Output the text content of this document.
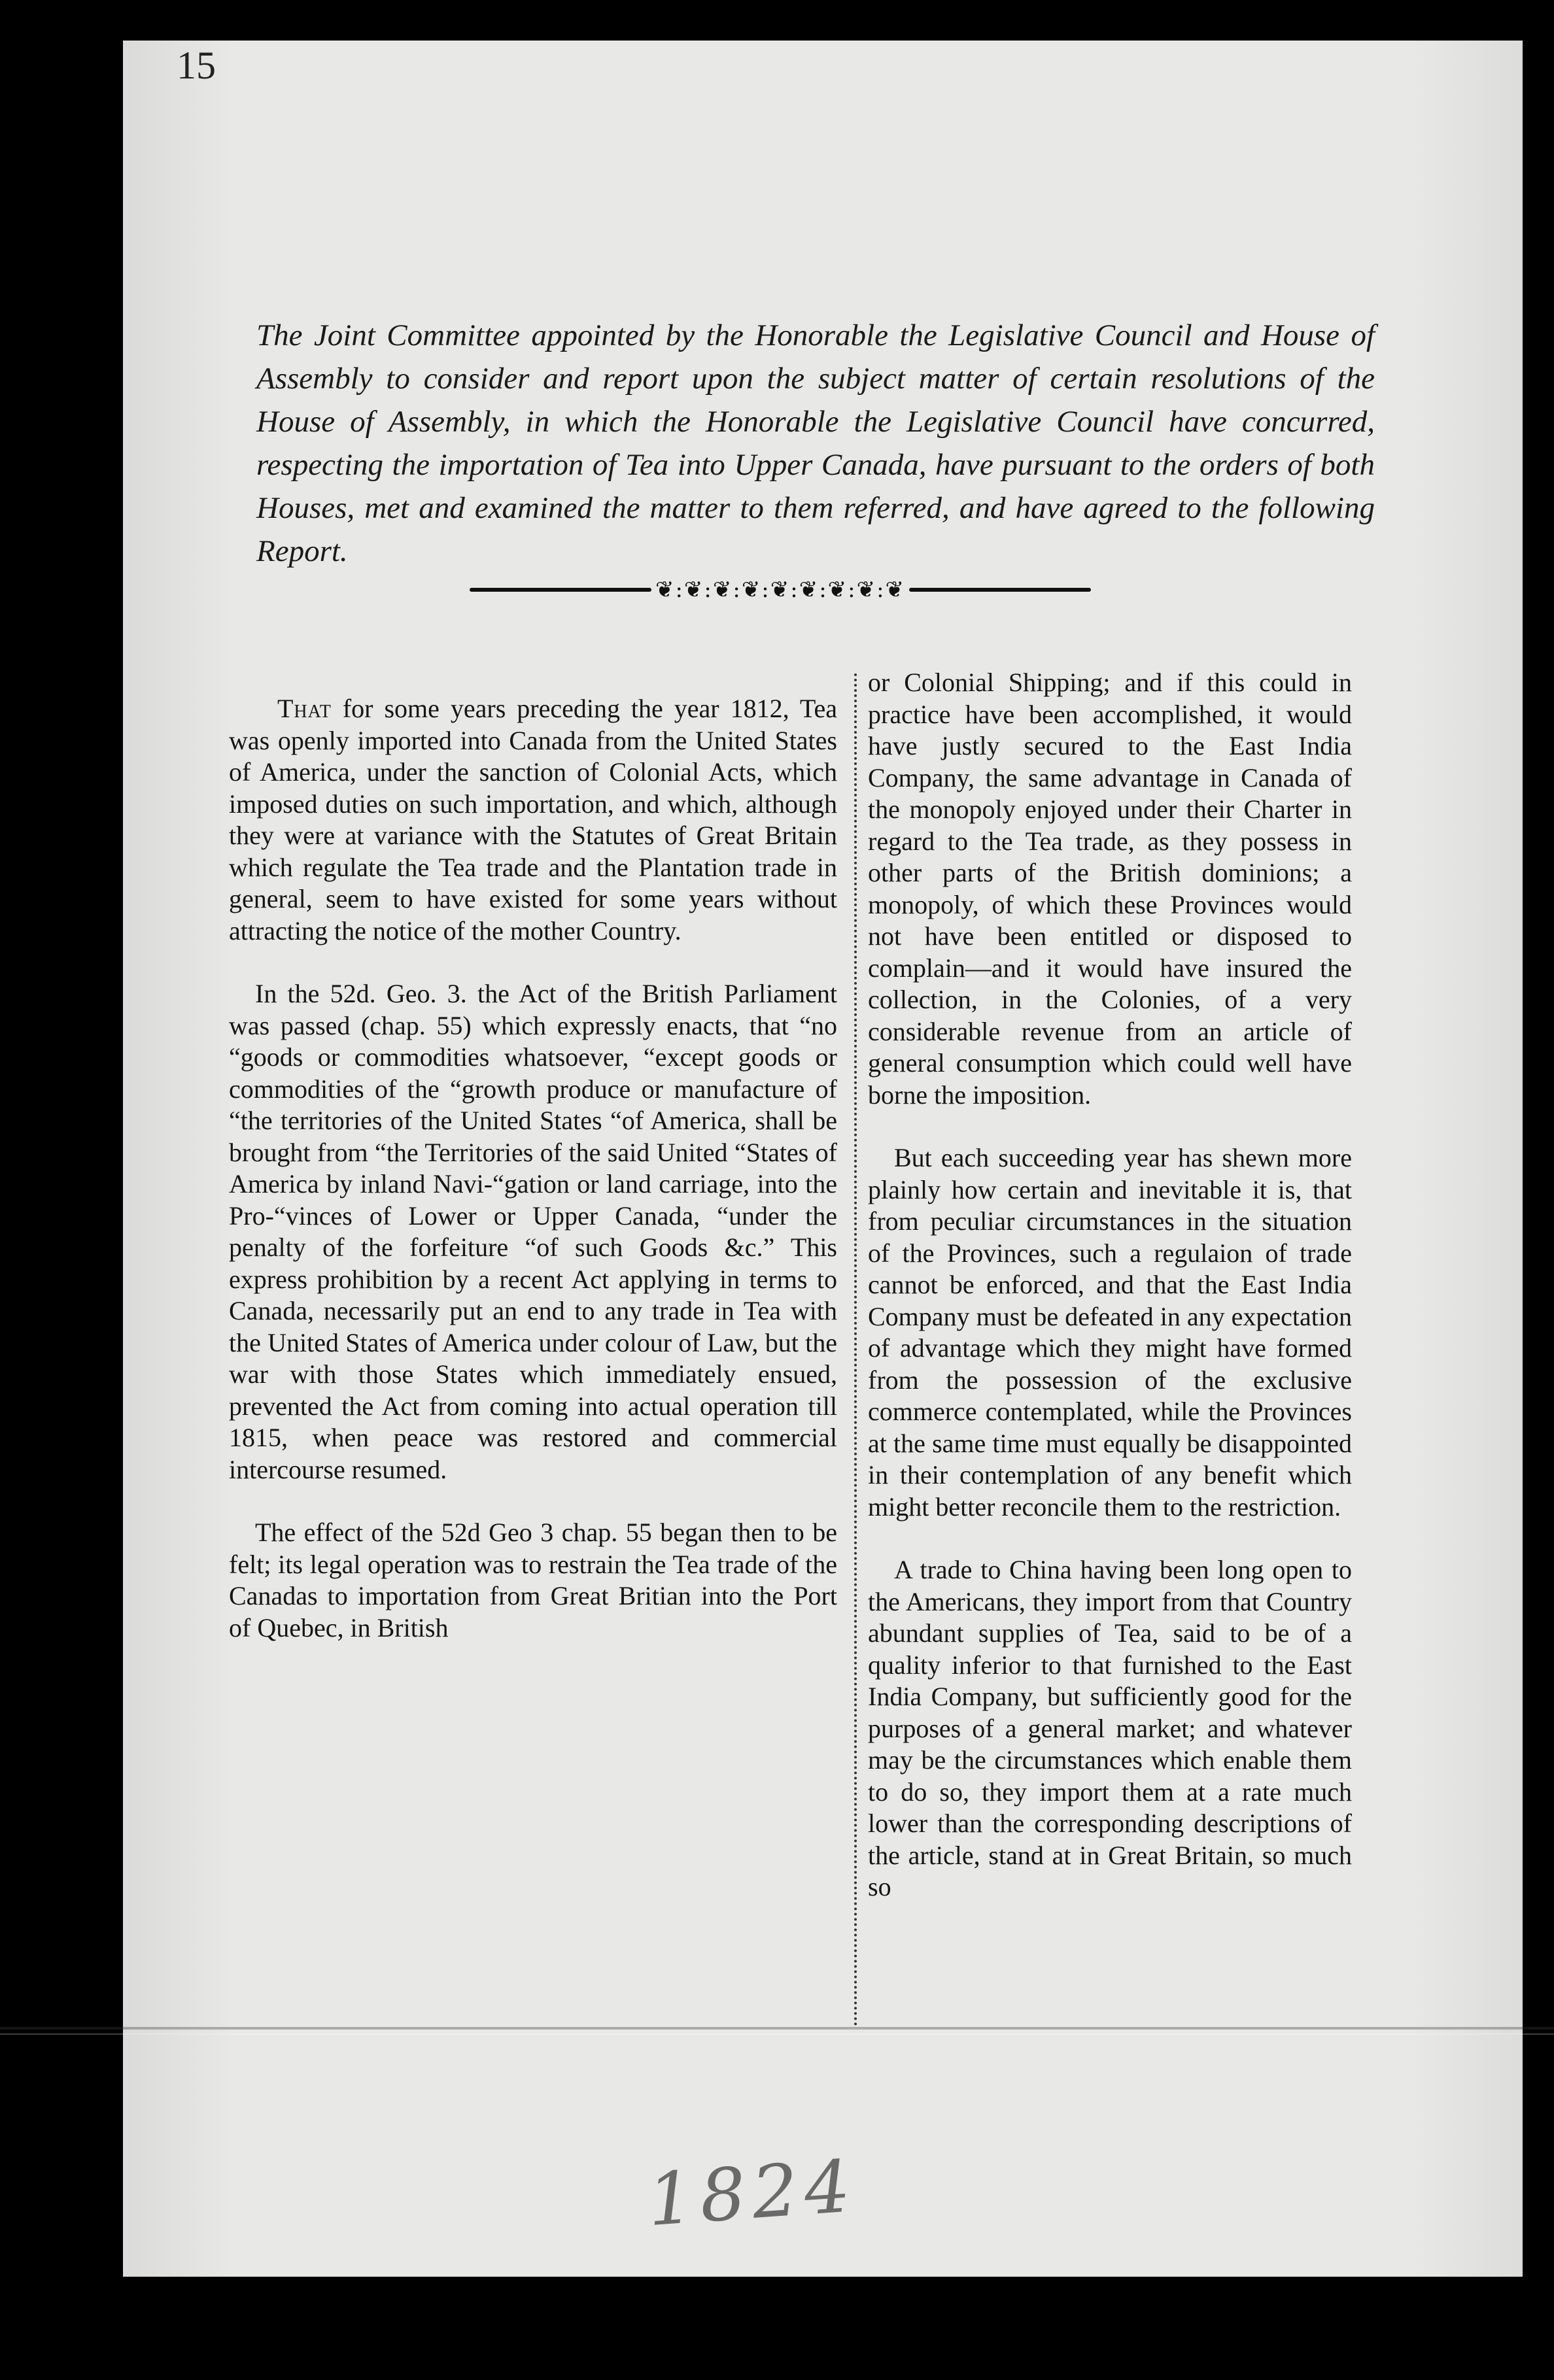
15
The Joint Committee appointed by the Honorable the Legislative Council and House of Assembly to consider and report upon the subject matter of certain resolutions of the House of Assembly, in which the Honorable the Legislative Council have concurred, respecting the importation of Tea into Upper Canada, have pursuant to the orders of both Houses, met and examined the matter to them referred, and have agreed to the following Report.
❦:❦:❦:❦:❦:❦:❦:❦:❦

That for some years preceding the year 1812, Tea was openly imported into Canada from the United States of America, under the sanction of Colonial Acts, which imposed duties on such importation, and which, although they were at variance with the Statutes of Great Britain which regulate the Tea trade and the Plantation trade in general, seem to have existed for some years without attracting the notice of the mother Country.

In the 52d. Geo. 3. the Act of the British Parliament was passed (chap. 55) which expressly enacts, that “no “goods or commodities whatsoever, “except goods or commodities of the “growth produce or manufacture of “the territories of the United States “of America, shall be brought from “the Territories of the said United “States of America by inland Navi-“gation or land carriage, into the Pro-“vinces of Lower or Upper Canada, “under the penalty of the forfeiture “of such Goods &c.” This express prohibition by a recent Act applying in terms to Canada, necessarily put an end to any trade in Tea with the United States of America under colour of Law, but the war with those States which immediately ensued, prevented the Act from coming into actual operation till 1815, when peace was restored and commercial intercourse resumed.

The effect of the 52d Geo 3 chap. 55 began then to be felt; its legal operation was to restrain the Tea trade of the Canadas to importation from Great Britian into the Port of Quebec, in British

or Colonial Shipping; and if this could in practice have been accomplished, it would have justly secured to the East India Company, the same advantage in Canada of the monopoly enjoyed under their Charter in regard to the Tea trade, as they possess in other parts of the British dominions; a monopoly, of which these Provinces would not have been entitled or disposed to complain—and it would have insured the collection, in the Colonies, of a very considerable revenue from an article of general consumption which could well have borne the imposition.

But each succeeding year has shewn more plainly how certain and inevitable it is, that from peculiar circumstances in the situation of the Provinces, such a regulaion of trade cannot be enforced, and that the East India Company must be defeated in any expectation of advantage which they might have formed from the possession of the exclusive commerce contemplated, while the Provinces at the same time must equally be disappointed in their contemplation of any benefit which might better reconcile them to the restriction.

A trade to China having been long open to the Americans, they import from that Country abundant supplies of Tea, said to be of a quality inferior to that furnished to the East India Company, but sufficiently good for the purposes of a general market; and whatever may be the circumstances which enable them to do so, they import them at a rate much lower than the corresponding descriptions of the article, stand at in Great Britain, so much so

1824
